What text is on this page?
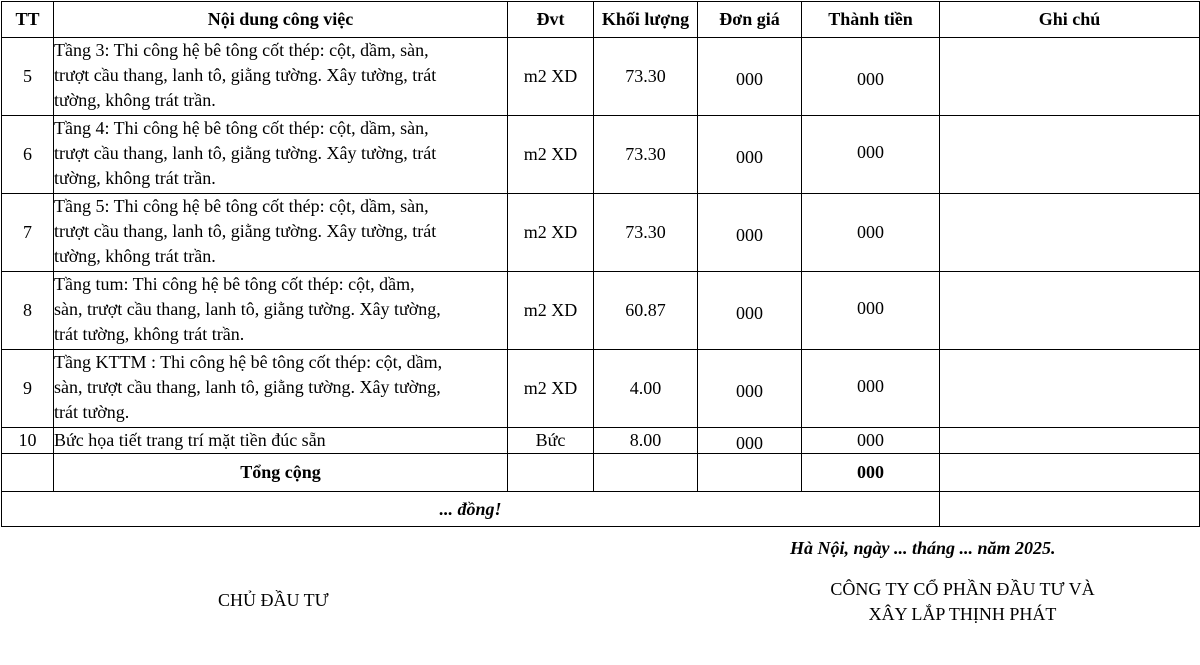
TT	Nội dung công việc	Đvt	Khối lượng	Đơn giá	Thành tiền	Ghi chú
5	Tầng 3: Thi công hệ bê tông cốt thép: cột, dầm, sàn,
trượt cầu thang, lanh tô, giằng tường. Xây tường, trát
tường, không trát trần.	m2 XD	73.30	000	000	
6	Tầng 4: Thi công hệ bê tông cốt thép: cột, dầm, sàn,
trượt cầu thang, lanh tô, giằng tường. Xây tường, trát
tường, không trát trần.	m2 XD	73.30	000	000	
7	Tầng 5: Thi công hệ bê tông cốt thép: cột, dầm, sàn,
trượt cầu thang, lanh tô, giằng tường. Xây tường, trát
tường, không trát trần.	m2 XD	73.30	000	000	
8	Tầng tum: Thi công hệ bê tông cốt thép: cột, dầm,
sàn, trượt cầu thang, lanh tô, giằng tường. Xây tường,
trát tường, không trát trần.	m2 XD	60.87	000	000	
9	Tầng KTTM : Thi công hệ bê tông cốt thép: cột, dầm,
sàn, trượt cầu thang, lanh tô, giằng tường. Xây tường,
trát tường.	m2 XD	4.00	000	000	
10	Bức họa tiết trang trí mặt tiền đúc sẵn	Bức	8.00	000	000	
	Tổng cộng				000	
... đồng!						
Hà Nội, ngày ... tháng ... năm 2025.
CHỦ ĐẦU TƯ
CÔNG TY CỔ PHẦN ĐẦU TƯ VÀ
XÂY LẮP THỊNH PHÁT
